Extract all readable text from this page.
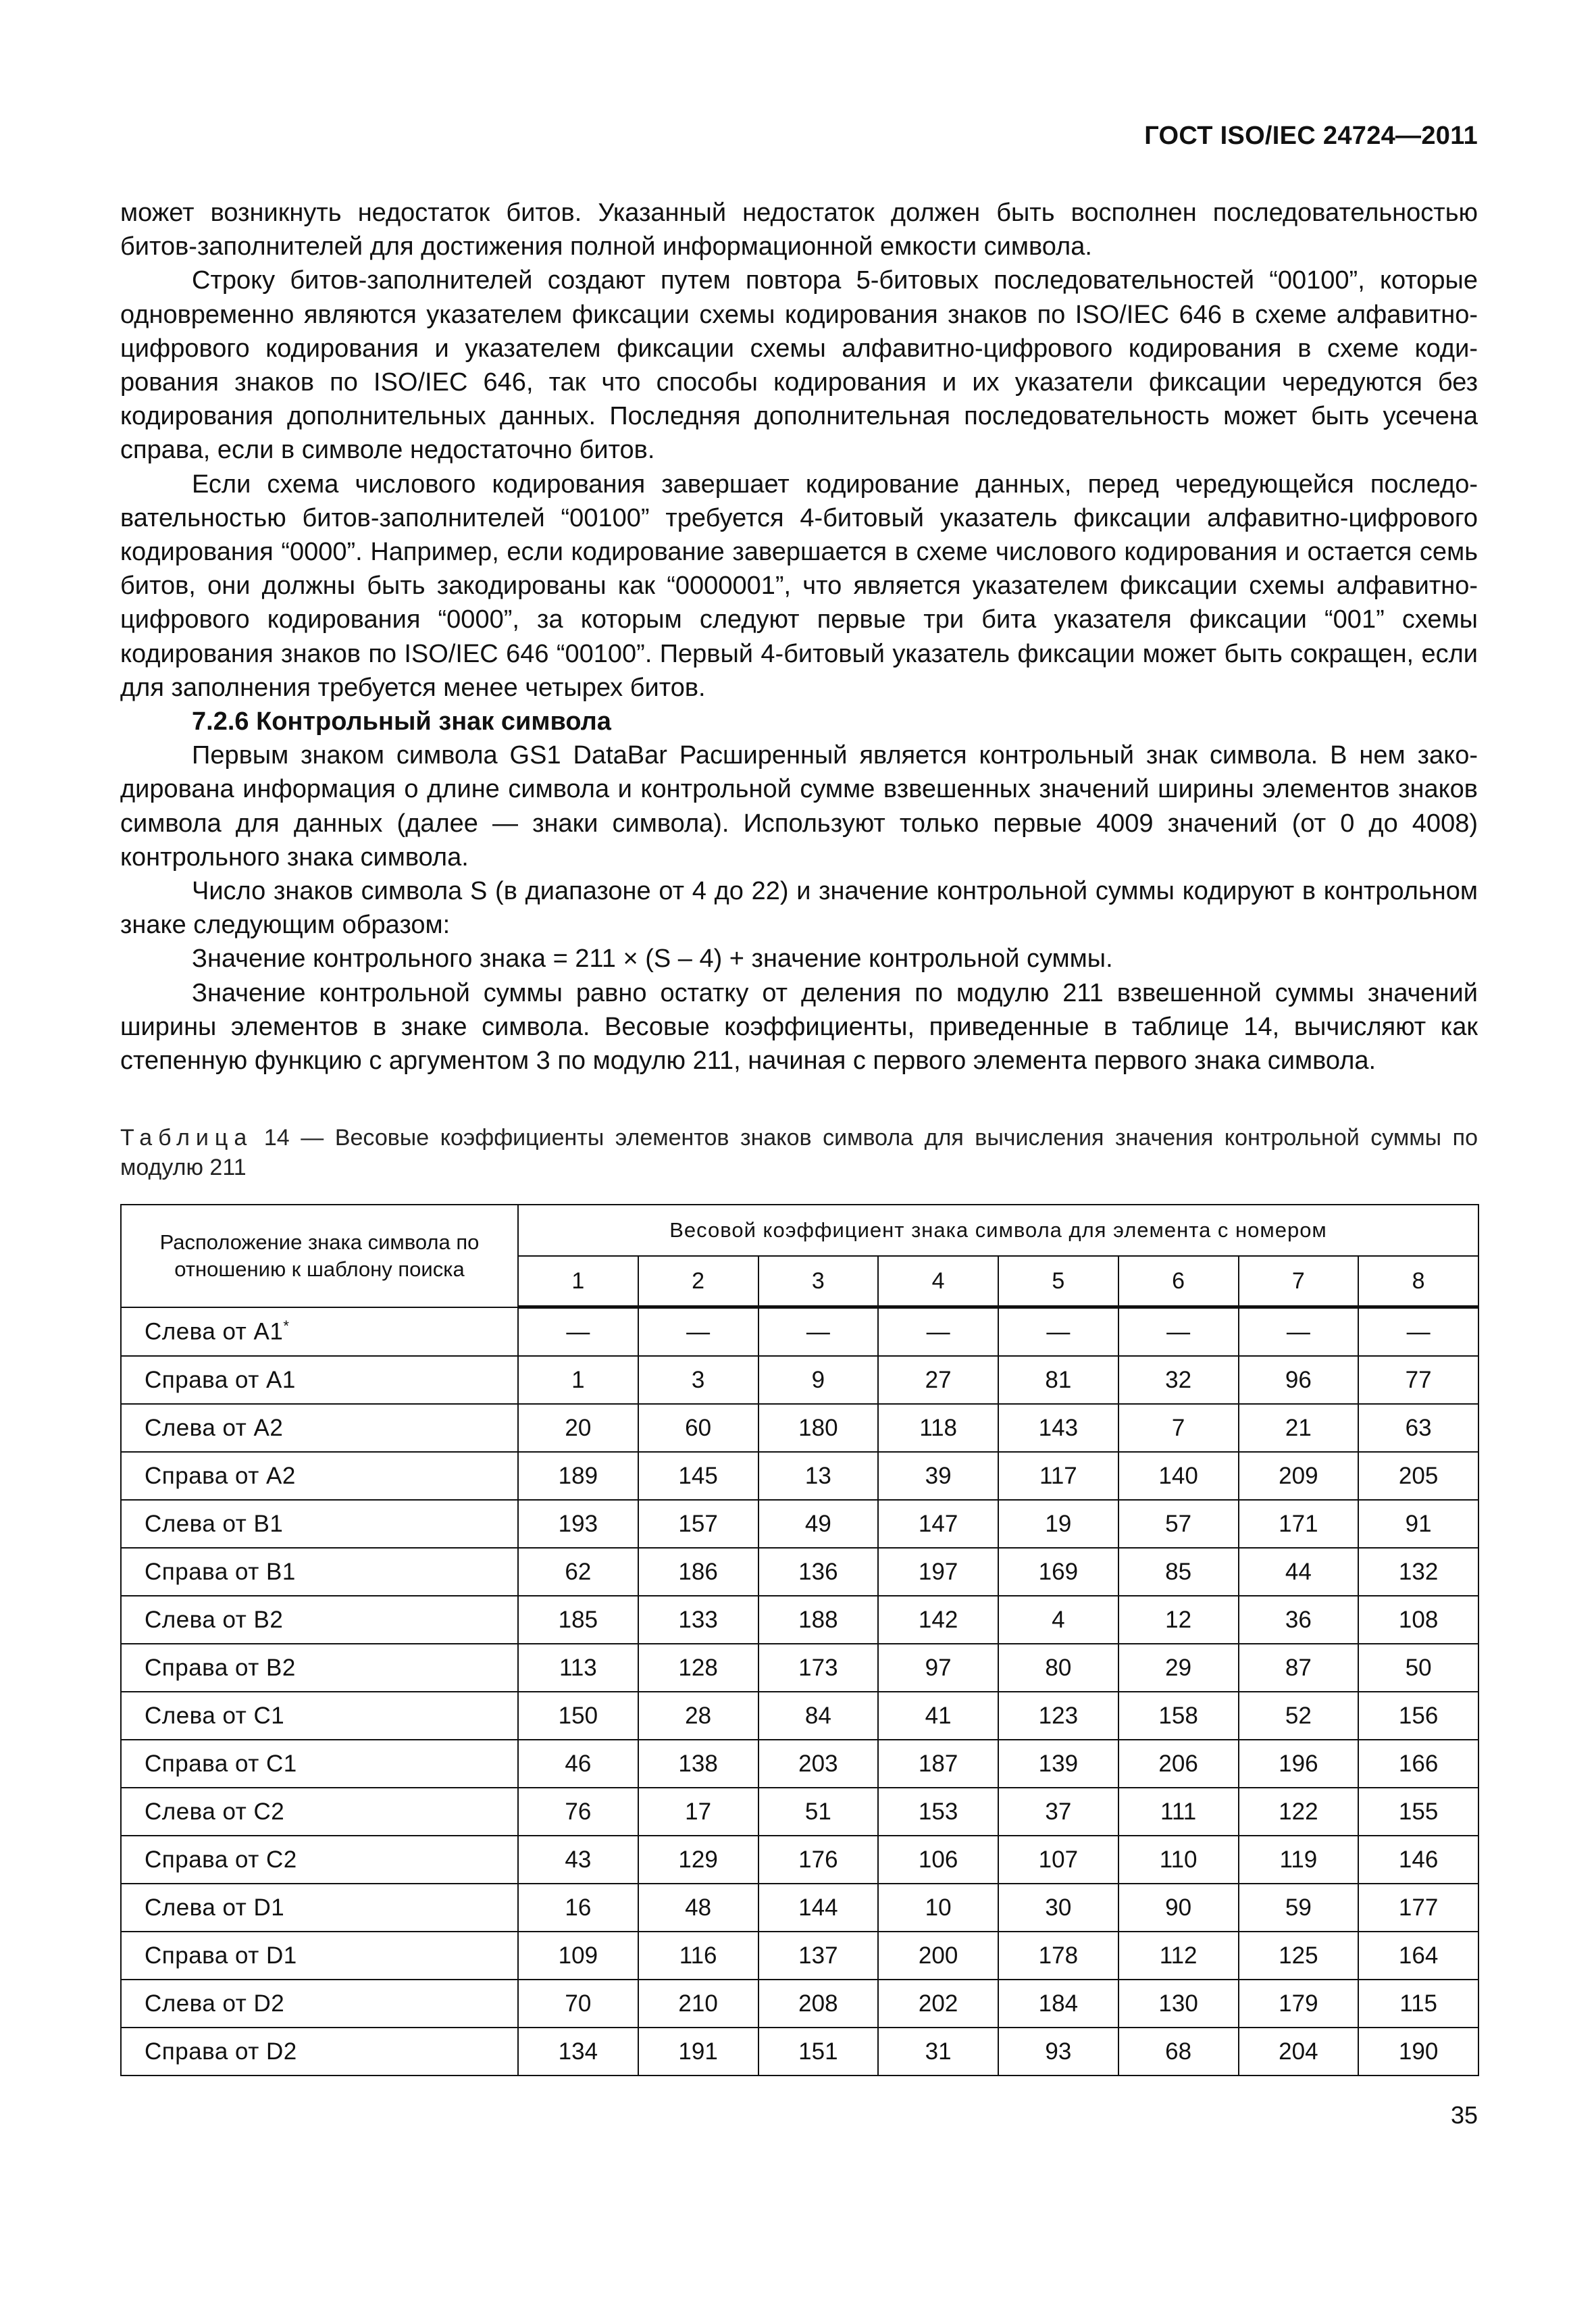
ГОСТ ISO/IEC 24724—2011

может возникнуть недостаток битов. Указанный недостаток должен быть восполнен последовательностью битов-заполнителей для достижения полной информационной емкости символа.

Строку битов-заполнителей создают путем повтора 5-битовых последовательностей “00100”, которые одновременно являются указателем фиксации схемы кодирования знаков по ISO/IEC 646 в схеме алфавитно-цифрового кодирования и указателем фиксации схемы алфавитно-цифрового кодирования в схеме кодирования знаков по ISO/IEC 646, так что способы кодирования и их указатели фиксации чередуются без кодирования дополнительных данных. Последняя дополнительная последовательность может быть усечена справа, если в символе недостаточно битов.

Если схема числового кодирования завершает кодирование данных, перед чередующейся последовательностью битов-заполнителей “00100” требуется 4-битовый указатель фиксации алфавитно-цифрового кодирования “0000”. Например, если кодирование завершается в схеме числового кодирования и остается семь битов, они должны быть закодированы как “0000001”, что является указателем фиксации схемы алфавитно-цифрового кодирования “0000”, за которым следуют первые три бита указателя фиксации “001” схемы кодирования знаков по ISO/IEC 646 “00100”. Первый 4-битовый указатель фиксации может быть сокращен, если для заполнения требуется менее четырех битов.

7.2.6 Контрольный знак символа

Первым знаком символа GS1 DataBar Расширенный является контрольный знак символа. В нем закодирована информация о длине символа и контрольной сумме взвешенных значений ширины элементов знаков символа для данных (далее — знаки символа). Используют только первые 4009 значений (от 0 до 4008) контрольного знака символа.

Число знаков символа S (в диапазоне от 4 до 22) и значение контрольной суммы кодируют в контрольном знаке следующим образом:

Значение контрольного знака = 211 × (S – 4) + значение контрольной суммы.

Значение контрольной суммы равно остатку от деления по модулю 211 взвешенной суммы значений ширины элементов в знаке символа. Весовые коэффициенты, приведенные в таблице 14, вычисляют как степенную функцию с аргументом 3 по модулю 211, начиная с первого элемента первого знака символа.

Таблица 14 — Весовые коэффициенты элементов знаков символа для вычисления значения контрольной суммы по модулю 211
Расположение знака символа по отношению к шаблону поиска	Весовой коэффициент знака символа для элемента с номером							
	1	2	3	4	5	6	7	8
Слева от A1*	—	—	—	—	—	—	—	—
Справа от A1	1	3	9	27	81	32	96	77
Слева от A2	20	60	180	118	143	7	21	63
Справа от A2	189	145	13	39	117	140	209	205
Слева от B1	193	157	49	147	19	57	171	91
Справа от B1	62	186	136	197	169	85	44	132
Слева от B2	185	133	188	142	4	12	36	108
Справа от B2	113	128	173	97	80	29	87	50
Слева от C1	150	28	84	41	123	158	52	156
Справа от C1	46	138	203	187	139	206	196	166
Слева от C2	76	17	51	153	37	111	122	155
Справа от C2	43	129	176	106	107	110	119	146
Слева от D1	16	48	144	10	30	90	59	177
Справа от D1	109	116	137	200	178	112	125	164
Слева от D2	70	210	208	202	184	130	179	115
Справа от D2	134	191	151	31	93	68	204	190
35
